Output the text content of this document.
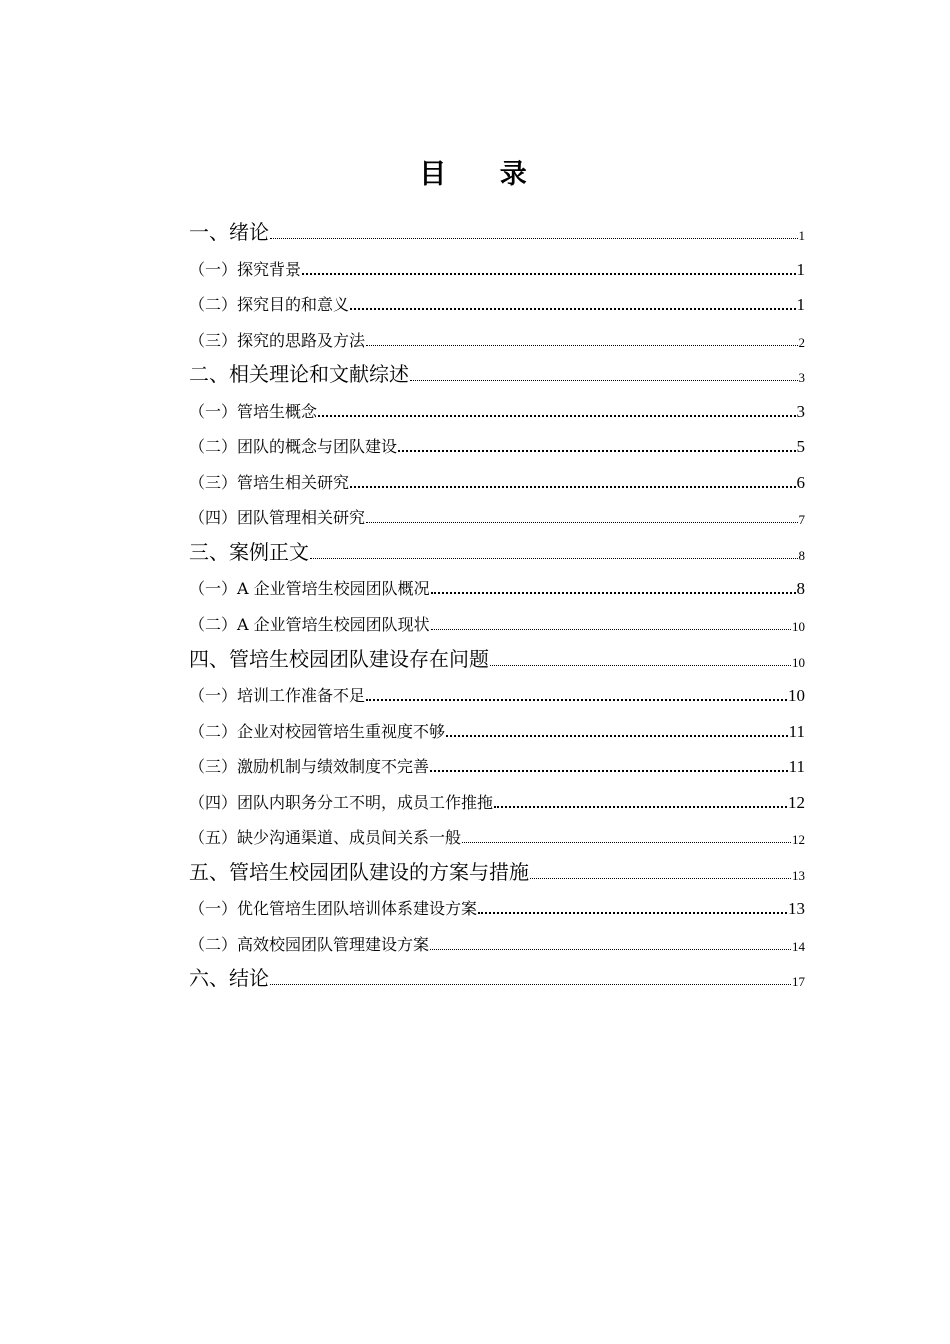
目 录
一、绪论	1
（一）探究背景	1
（二）探究目的和意义	1
（三）探究的思路及方法	2
二、相关理论和文献综述	3
（一）管培生概念	3
（二）团队的概念与团队建设	5
（三）管培生相关研究	6
（四）团队管理相关研究	7
三、案例正文	8
（一）A 企业管培生校园团队概况	8
（二）A 企业管培生校园团队现状	10
四、管培生校园团队建设存在问题	10
（一）培训工作准备不足	10
（二）企业对校园管培生重视度不够	11
（三）激励机制与绩效制度不完善	11
（四）团队内职务分工不明，成员工作推拖	12
（五）缺少沟通渠道、成员间关系一般	12
五、管培生校园团队建设的方案与措施	13
（一）优化管培生团队培训体系建设方案	13
（二）高效校园团队管理建设方案	14
六、结论	17
